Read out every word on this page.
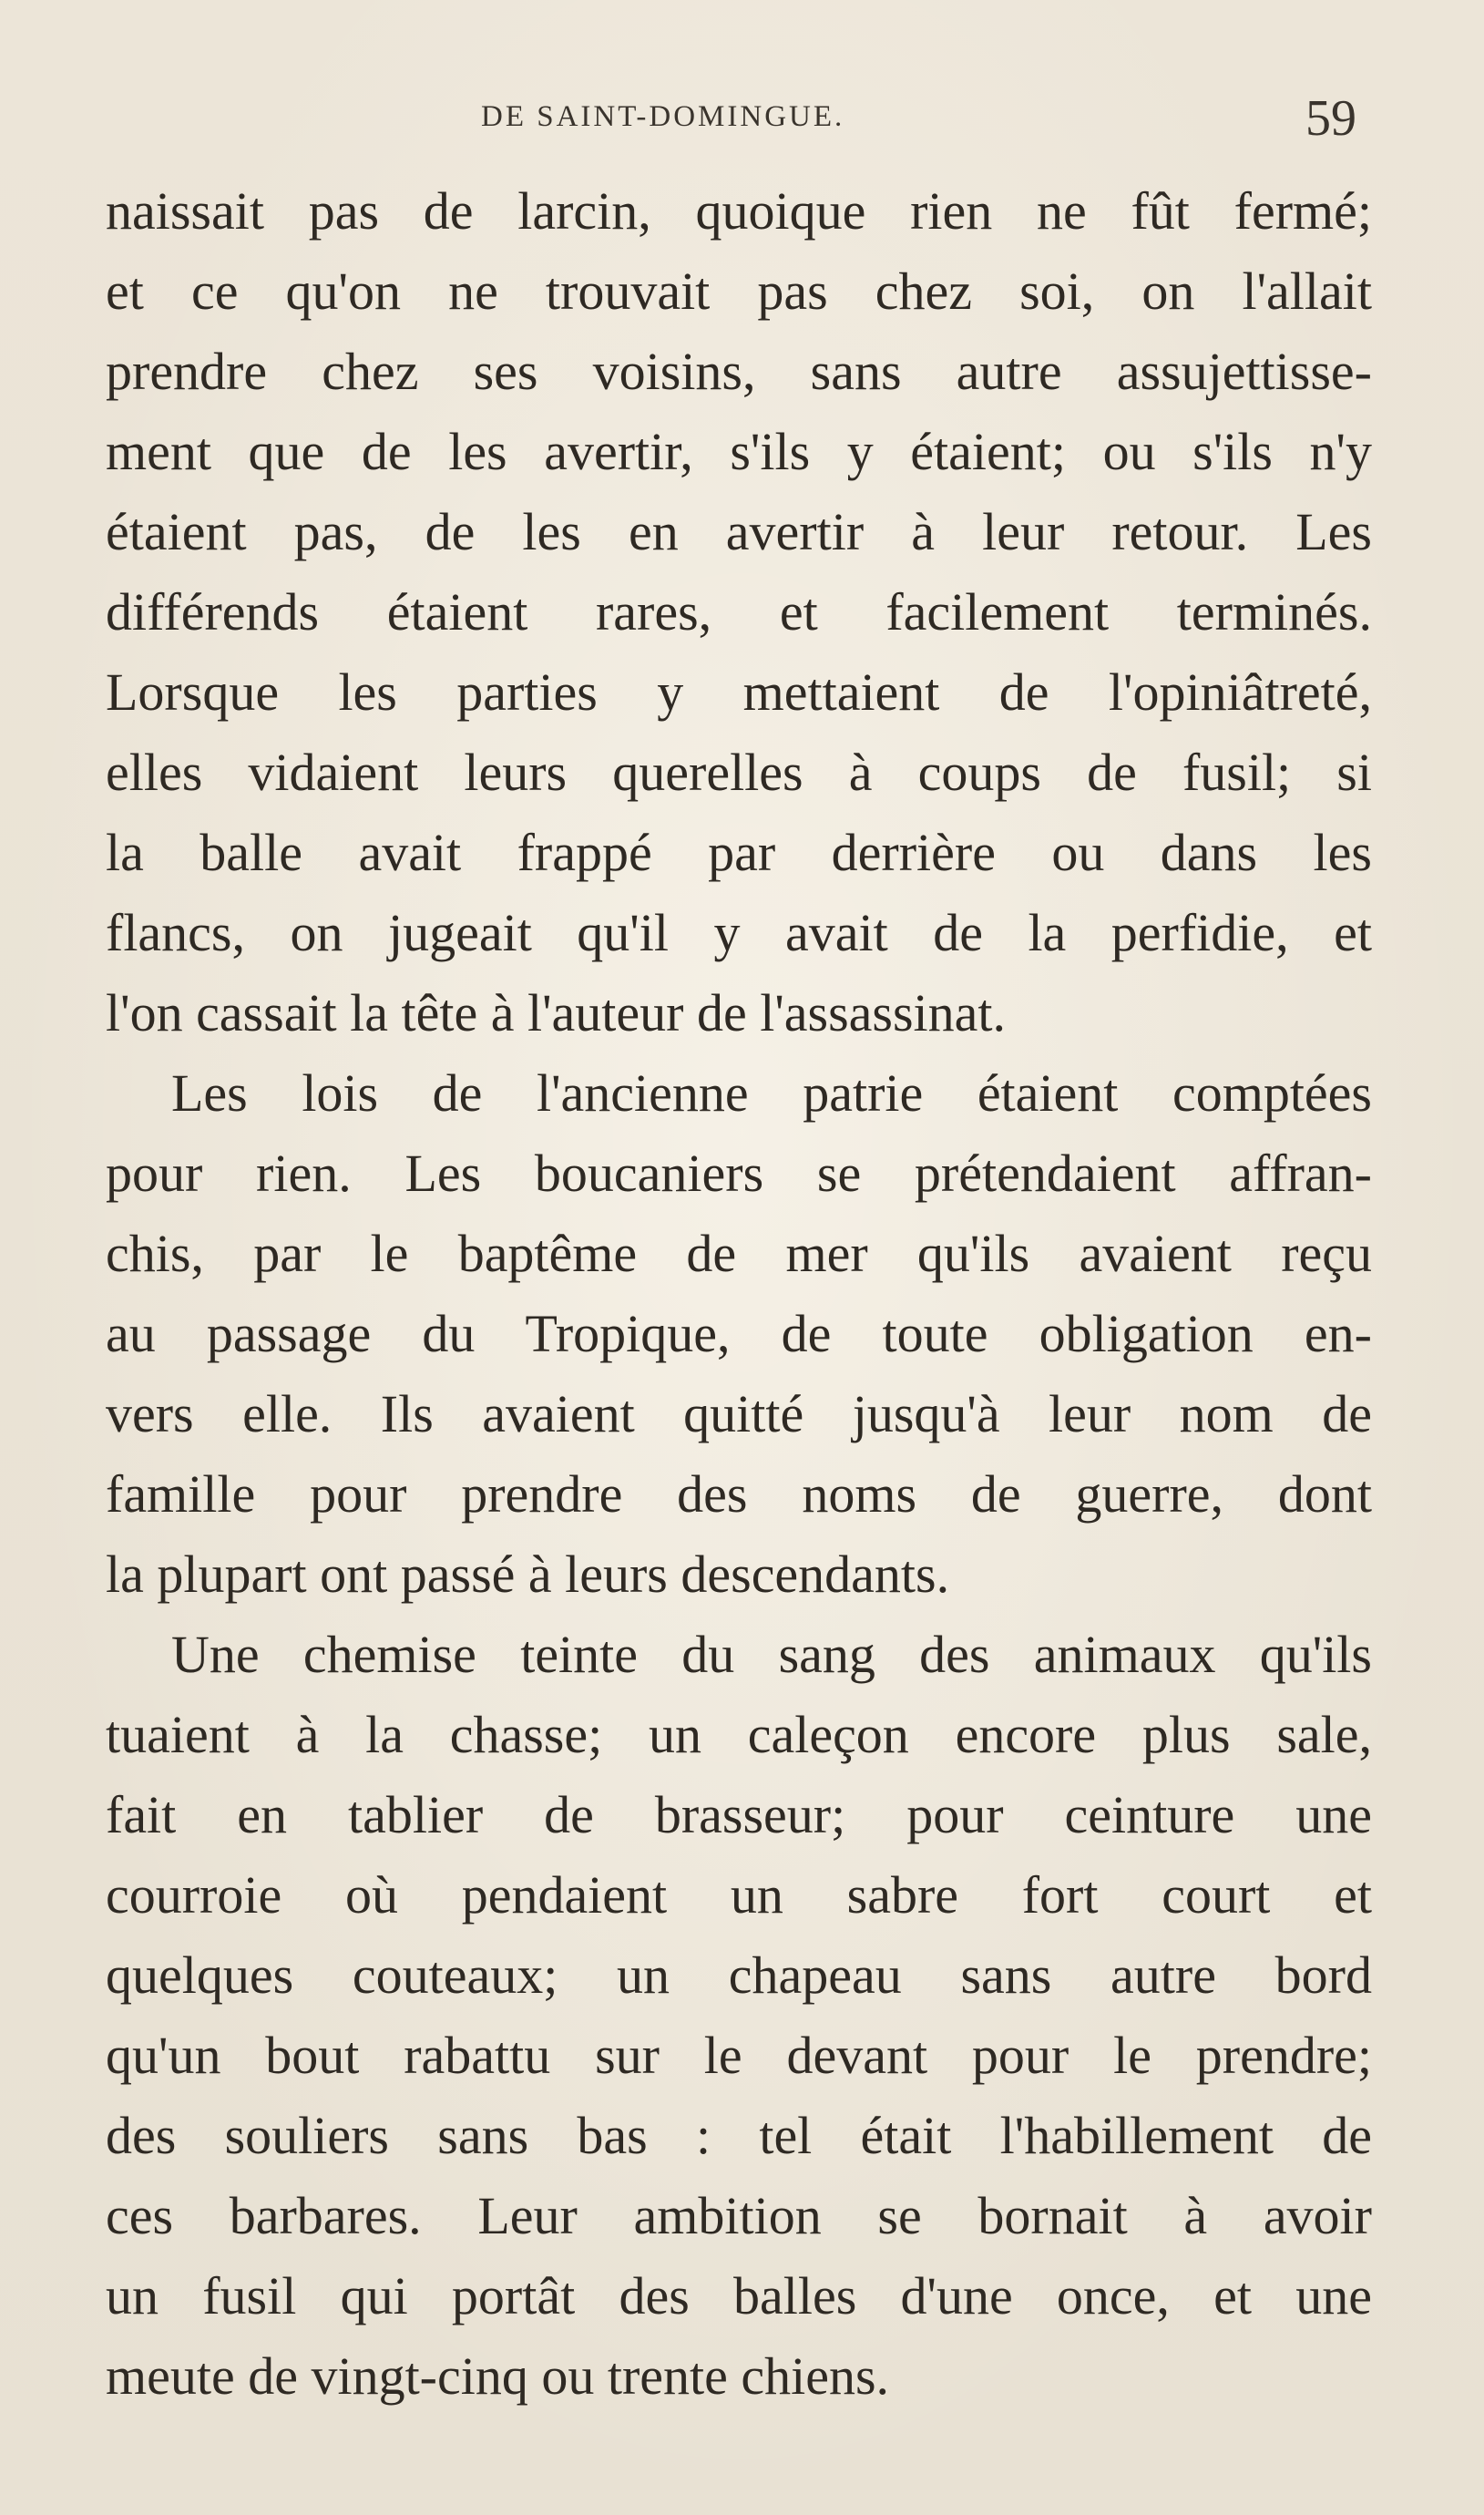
DE SAINT-DOMINGUE.	59

naissait pas de larcin, quoique rien ne fût fermé;
et ce qu'on ne trouvait pas chez soi, on l'allait
prendre chez ses voisins, sans autre assujettisse-
ment que de les avertir, s'ils y étaient; ou s'ils n'y
étaient pas, de les en avertir à leur retour. Les
différends étaient rares, et facilement terminés.
Lorsque les parties y mettaient de l'opiniâtreté,
elles vidaient leurs querelles à coups de fusil; si
la balle avait frappé par derrière ou dans les
flancs, on jugeait qu'il y avait de la perfidie, et
l'on cassait la tête à l'auteur de l'assassinat.

Les lois de l'ancienne patrie étaient comptées
pour rien. Les boucaniers se prétendaient affran-
chis, par le baptême de mer qu'ils avaient reçu
au passage du Tropique, de toute obligation en-
vers elle. Ils avaient quitté jusqu'à leur nom de
famille pour prendre des noms de guerre, dont
la plupart ont passé à leurs descendants.

Une chemise teinte du sang des animaux qu'ils
tuaient à la chasse; un caleçon encore plus sale,
fait en tablier de brasseur; pour ceinture une
courroie où pendaient un sabre fort court et
quelques couteaux; un chapeau sans autre bord
qu'un bout rabattu sur le devant pour le prendre;
des souliers sans bas : tel était l'habillement de
ces barbares. Leur ambition se bornait à avoir
un fusil qui portât des balles d'une once, et une
meute de vingt-cinq ou trente chiens.
